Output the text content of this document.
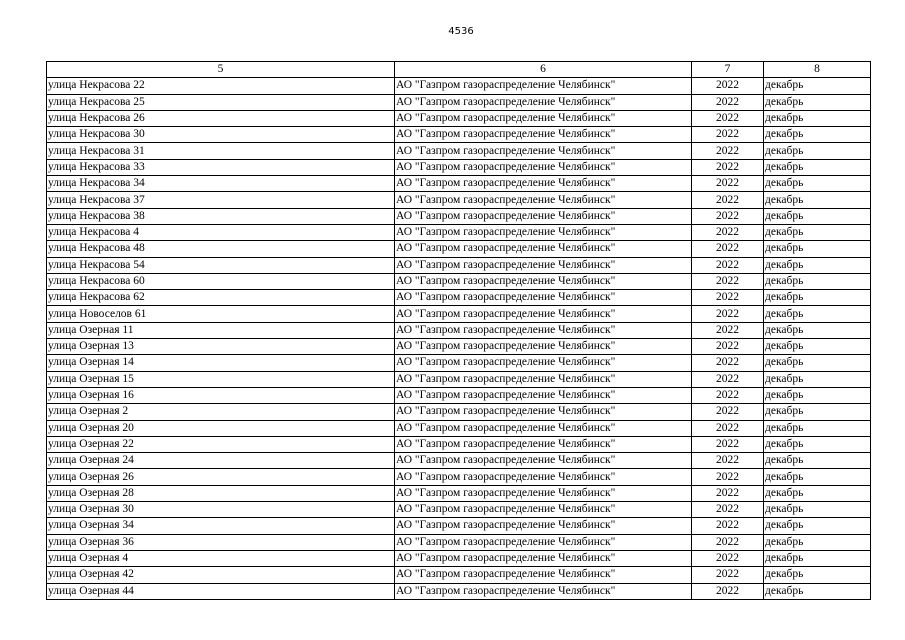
4536
5	6	7	8
улица Некрасова 22	АО "Газпром газораспределение Челябинск"	2022	декабрь
улица Некрасова 25	АО "Газпром газораспределение Челябинск"	2022	декабрь
улица Некрасова 26	АО "Газпром газораспределение Челябинск"	2022	декабрь
улица Некрасова 30	АО "Газпром газораспределение Челябинск"	2022	декабрь
улица Некрасова 31	АО "Газпром газораспределение Челябинск"	2022	декабрь
улица Некрасова 33	АО "Газпром газораспределение Челябинск"	2022	декабрь
улица Некрасова 34	АО "Газпром газораспределение Челябинск"	2022	декабрь
улица Некрасова 37	АО "Газпром газораспределение Челябинск"	2022	декабрь
улица Некрасова 38	АО "Газпром газораспределение Челябинск"	2022	декабрь
улица Некрасова 4	АО "Газпром газораспределение Челябинск"	2022	декабрь
улица Некрасова 48	АО "Газпром газораспределение Челябинск"	2022	декабрь
улица Некрасова 54	АО "Газпром газораспределение Челябинск"	2022	декабрь
улица Некрасова 60	АО "Газпром газораспределение Челябинск"	2022	декабрь
улица Некрасова 62	АО "Газпром газораспределение Челябинск"	2022	декабрь
улица Новоселов 61	АО "Газпром газораспределение Челябинск"	2022	декабрь
улица Озерная 11	АО "Газпром газораспределение Челябинск"	2022	декабрь
улица Озерная 13	АО "Газпром газораспределение Челябинск"	2022	декабрь
улица Озерная 14	АО "Газпром газораспределение Челябинск"	2022	декабрь
улица Озерная 15	АО "Газпром газораспределение Челябинск"	2022	декабрь
улица Озерная 16	АО "Газпром газораспределение Челябинск"	2022	декабрь
улица Озерная 2	АО "Газпром газораспределение Челябинск"	2022	декабрь
улица Озерная 20	АО "Газпром газораспределение Челябинск"	2022	декабрь
улица Озерная 22	АО "Газпром газораспределение Челябинск"	2022	декабрь
улица Озерная 24	АО "Газпром газораспределение Челябинск"	2022	декабрь
улица Озерная 26	АО "Газпром газораспределение Челябинск"	2022	декабрь
улица Озерная 28	АО "Газпром газораспределение Челябинск"	2022	декабрь
улица Озерная 30	АО "Газпром газораспределение Челябинск"	2022	декабрь
улица Озерная 34	АО "Газпром газораспределение Челябинск"	2022	декабрь
улица Озерная 36	АО "Газпром газораспределение Челябинск"	2022	декабрь
улица Озерная 4	АО "Газпром газораспределение Челябинск"	2022	декабрь
улица Озерная 42	АО "Газпром газораспределение Челябинск"	2022	декабрь
улица Озерная 44	АО "Газпром газораспределение Челябинск"	2022	декабрь
